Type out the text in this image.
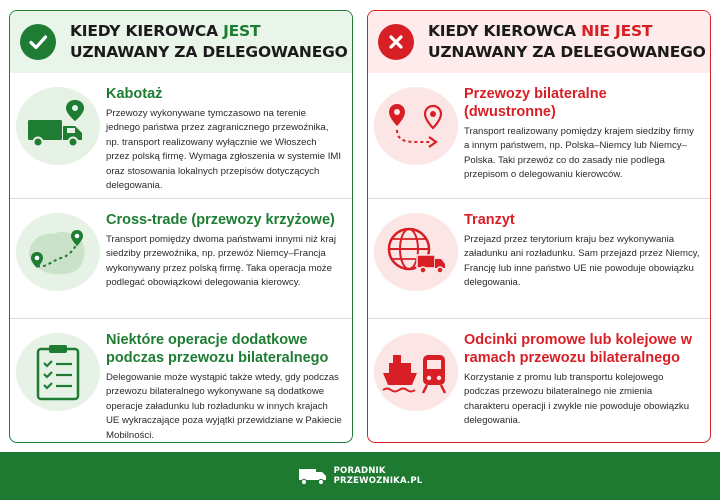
KIEDY KIEROWCA JEST
UZNAWANY ZA DELEGOWANEGO
Kabotaż
Przewozy wykonywane tymczasowo na terenie jednego państwa przez zagranicznego przewoźnika, np. transport realizowany wyłącznie we Włoszech przez polską firmę. Wymaga zgłoszenia w systemie IMI oraz stosowania lokalnych przepisów dotyczących delegowania.
Cross-trade (przewozy krzyżowe)
Transport pomiędzy dwoma państwami innymi niż kraj siedziby przewoźnika, np. przewóz Niemcy–Francja wykonywany przez polską firmę. Taka operacja może podlegać obowiązkowi delegowania kierowcy.
Niektóre operacje dodatkowe podczas przewozu bilateralnego
Delegowanie może wystąpić także wtedy, gdy podczas przewozu bilateralnego wykonywane są dodatkowe operacje załadunku lub rozładunku w innych krajach UE wykraczające poza wyjątki przewidziane w Pakiecie Mobilności.
KIEDY KIEROWCA NIE JEST
UZNAWANY ZA DELEGOWANEGO
Przewozy bilateralne (dwustronne)
Transport realizowany pomiędzy krajem siedziby firmy a innym państwem, np. Polska–Niemcy lub Niemcy–Polska. Taki przewóz co do zasady nie podlega przepisom o delegowaniu kierowców.
Tranzyt
Przejazd przez terytorium kraju bez wykonywania załadunku ani rozładunku. Sam przejazd przez Niemcy, Francję lub inne państwo UE nie powoduje obowiązku delegowania.
Odcinki promowe lub kolejowe w ramach przewozu bilateralnego
Korzystanie z promu lub transportu kolejowego podczas przewozu bilateralnego nie zmienia charakteru operacji i zwykle nie powoduje obowiązku delegowania.
PORADNIK
PRZEWOZNIKA.PL
